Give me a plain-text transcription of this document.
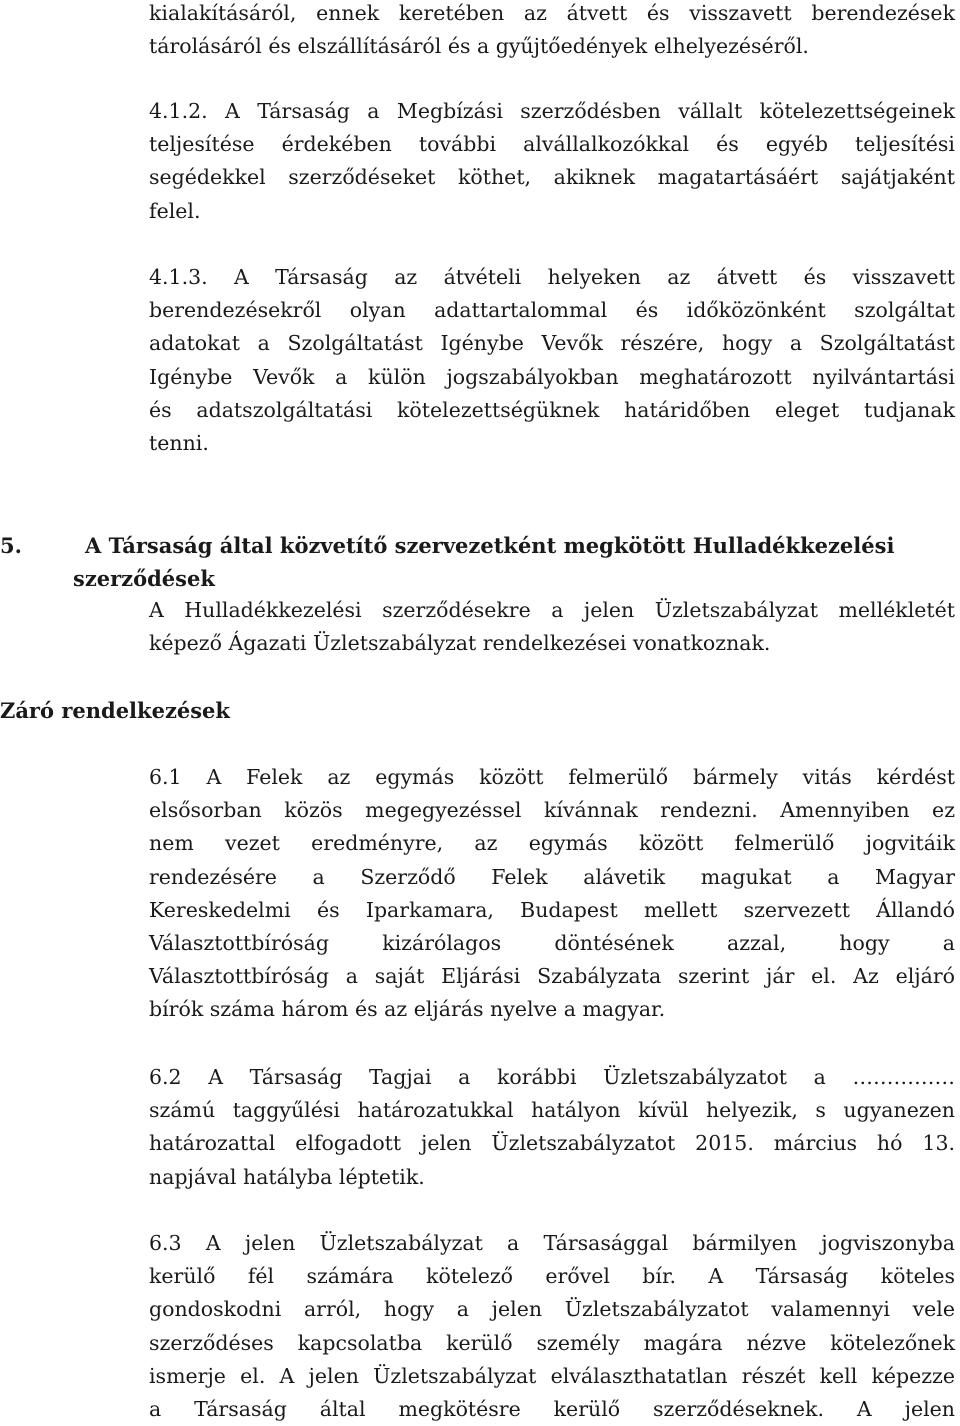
kialakításáról, ennek keretében az átvett és visszavett berendezések
tárolásáról és elszállításáról és a gyűjtőedények elhelyezéséről.
4.1.2. A Társaság a Megbízási szerződésben vállalt kötelezettségeinek
teljesítése érdekében további alvállalkozókkal és egyéb teljesítési
segédekkel szerződéseket köthet, akiknek magatartásáért sajátjaként
felel.
4.1.3. A Társaság az átvételi helyeken az átvett és visszavett
berendezésekről olyan adattartalommal és időközönként szolgáltat
adatokat a Szolgáltatást Igénybe Vevők részére, hogy a Szolgáltatást
Igénybe Vevők a külön jogszabályokban meghatározott nyilvántartási
és adatszolgáltatási kötelezettségüknek határidőben eleget tudjanak
tenni.
5.	A Társaság által közvetítő szervezetként megkötött Hulladékkezelési
szerződések
A Hulladékkezelési szerződésekre a jelen Üzletszabályzat mellékletét
képező Ágazati Üzletszabályzat rendelkezései vonatkoznak.
Záró rendelkezések
6.1 A Felek az egymás között felmerülő bármely vitás kérdést
elsősorban közös megegyezéssel kívánnak rendezni. Amennyiben ez
nem vezet eredményre, az egymás között felmerülő jogvitáik
rendezésére a Szerződő Felek alávetik magukat a Magyar
Kereskedelmi és Iparkamara, Budapest mellett szervezett Állandó
Választottbíróság kizárólagos döntésének azzal, hogy a
Választottbíróság a saját Eljárási Szabályzata szerint jár el. Az eljáró
bírók száma három és az eljárás nyelve a magyar.
6.2 A Társaság Tagjai a korábbi Üzletszabályzatot a ……………
számú taggyűlési határozatukkal hatályon kívül helyezik, s ugyanezen
határozattal elfogadott jelen Üzletszabályzatot 2015. március hó 13.
napjával hatályba léptetik.
6.3 A jelen Üzletszabályzat a Társasággal bármilyen jogviszonyba
kerülő fél számára kötelező erővel bír. A Társaság köteles
gondoskodni arról, hogy a jelen Üzletszabályzatot valamennyi vele
szerződéses kapcsolatba kerülő személy magára nézve kötelezőnek
ismerje el. A jelen Üzletszabályzat elválaszthatatlan részét kell képezze
a Társaság által megkötésre kerülő szerződéseknek. A jelen
